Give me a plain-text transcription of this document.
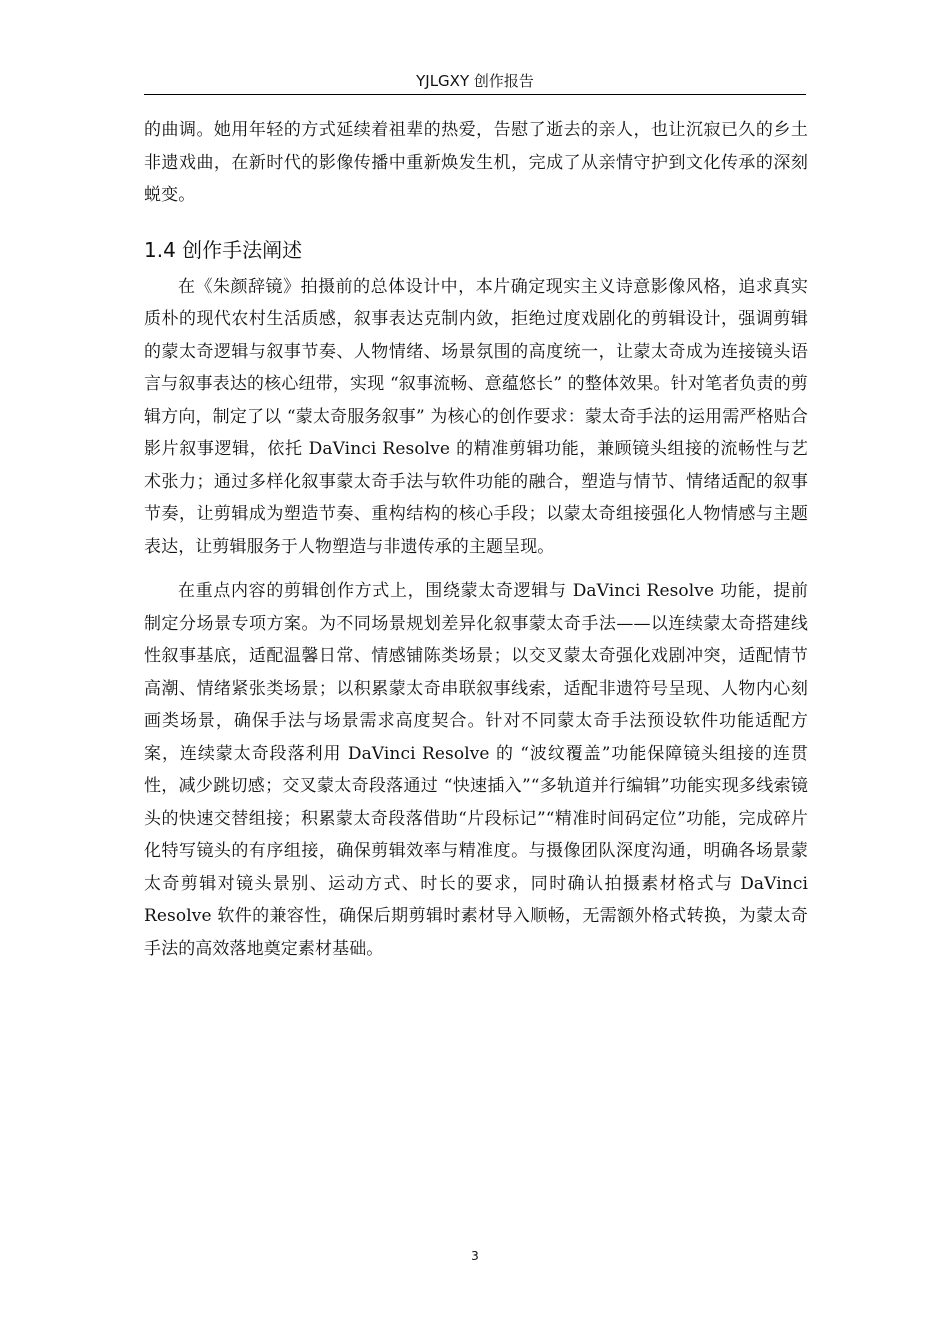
YJLGXY 创作报告

的曲调。她用年轻的方式延续着祖辈的热爱，告慰了逝去的亲人，也让沉寂已久的乡土非遗戏曲，在新时代的影像传播中重新焕发生机，完成了从亲情守护到文化传承的深刻蜕变。

1.4 创作手法阐述

在《朱颜辞镜》拍摄前的总体设计中，本片确定现实主义诗意影像风格，追求真实质朴的现代农村生活质感，叙事表达克制内敛，拒绝过度戏剧化的剪辑设计，强调剪辑的蒙太奇逻辑与叙事节奏、人物情绪、场景氛围的高度统一，让蒙太奇成为连接镜头语言与叙事表达的核心纽带，实现 “叙事流畅、意蕴悠长” 的整体效果。针对笔者负责的剪辑方向，制定了以 “蒙太奇服务叙事” 为核心的创作要求：蒙太奇手法的运用需严格贴合影片叙事逻辑，依托 DaVinci Resolve 的精准剪辑功能，兼顾镜头组接的流畅性与艺术张力；通过多样化叙事蒙太奇手法与软件功能的融合，塑造与情节、情绪适配的叙事节奏，让剪辑成为塑造节奏、重构结构的核心手段；以蒙太奇组接强化人物情感与主题表达，让剪辑服务于人物塑造与非遗传承的主题呈现。

在重点内容的剪辑创作方式上，围绕蒙太奇逻辑与 DaVinci Resolve 功能，提前制定分场景专项方案。为不同场景规划差异化叙事蒙太奇手法——以连续蒙太奇搭建线性叙事基底，适配温馨日常、情感铺陈类场景；以交叉蒙太奇强化戏剧冲突，适配情节高潮、情绪紧张类场景；以积累蒙太奇串联叙事线索，适配非遗符号呈现、人物内心刻画类场景，确保手法与场景需求高度契合。针对不同蒙太奇手法预设软件功能适配方案，连续蒙太奇段落利用 DaVinci Resolve 的 “波纹覆盖”功能保障镜头组接的连贯性，减少跳切感；交叉蒙太奇段落通过 “快速插入”“多轨道并行编辑”功能实现多线索镜头的快速交替组接；积累蒙太奇段落借助“片段标记”“精准时间码定位”功能，完成碎片化特写镜头的有序组接，确保剪辑效率与精准度。与摄像团队深度沟通，明确各场景蒙太奇剪辑对镜头景别、运动方式、时长的要求，同时确认拍摄素材格式与 DaVinci Resolve 软件的兼容性，确保后期剪辑时素材导入顺畅，无需额外格式转换，为蒙太奇手法的高效落地奠定素材基础。

3
